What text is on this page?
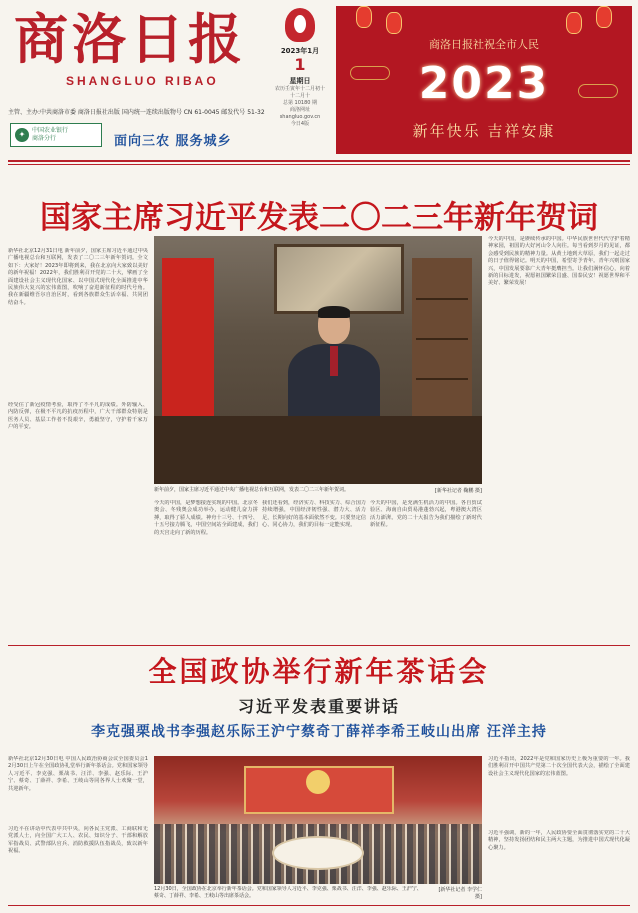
商洛日报
SHANGLUO RIBAO
主管、主办:中共商洛市委 商洛日报社出版 国内统一连续出版物号 CN 61-0045 邮发代号 51-32
✦	中国农业银行
商洛分行	面向三农 服务城乡
2023年1月
1
星期日
农历壬寅年十二月初十
十二月十
总第 10180 期
商洛网址 shangluo.gov.cn
今日4版
商洛日报社祝全市人民
2023
新年快乐 吉祥安康
国家主席习近平发表二〇二三年新年贺词
新华社北京12月31日电 新年前夕，国家主席习近平通过中央广播电视总台和互联网，发表了二〇二三年新年贺词。全文如下：大家好！2023年即将到来，我在北京向大家致以美好的新年祝福！2022年，我们胜利召开党的二十大，擘画了全面建设社会主义现代化国家、以中国式现代化全面推进中华民族伟大复兴的宏伟蓝图，吹响了奋进新征程的时代号角。我在新疆维吾尔自治区时，看到各族群众生活幸福、共同团结奋斗。
经受住了新冠疫情考验，取得了不平凡的成绩。外防输入、内防反弹，在极不平凡的抗疫历程中，广大干部群众特别是医务人员、基层工作者不畏艰辛，勇毅坚守，守护着千家万户的平安。
新年前夕，国家主席习近平通过中央广播电视总台和互联网，发表二〇二三年新年贺词。	[新华社记者 鞠鹏 摄]
今天的中国，是梦想接连实现的中国。北京冬奥会、冬残奥会成功举办，运动健儿奋力拼搏，取得了骄人成绩。神舟十三号、十四号、十五号接力腾飞，中国空间站全面建成，我们的天宫走向了新的历程。
我们还看到，经济实力、科技实力、综合国力持续增强，中国经济韧性强、潜力大、活力足，长期向好的基本面依然不变。只要坚定信心、同心协力，我们的目标一定能实现。
今天的中国，是充满生机活力的中国。各自贸试验区、海南自由贸易港蓬勃兴起，粤港澳大湾区活力澎湃。党的二十大报告为我们描绘了新时代新征程。
今天的中国，是赓续传承的中国。中华民族世世代代守护着精神家园，祖国的大好河山令人向往。每当看到岁月的见证，都会感受到民族的精神力量。从黄土地到大草原，我们一起走过的日子值得铭记。明天的中国，希望寄予青年。青年兴则国家兴，中国发展要靠广大青年挺膺担当。让我们满怀信心，向着新的目标进发，祝愿祖国繁荣昌盛、国泰民安！祝愿世界和平美好、繁荣发展！
全国政协举行新年茶话会
习近平发表重要讲话
李克强栗战书李强赵乐际王沪宁蔡奇丁薛祥李希王岐山出席 汪洋主持
新华社北京12月30日电 中国人民政治协商会议全国委员会12月30日上午在全国政协礼堂举行新年茶话会。党和国家领导人习近平、李克强、栗战书、汪洋、李强、赵乐际、王沪宁、蔡奇、丁薛祥、李希、王岐山等同各界人士欢聚一堂，共迎新年。
习近平在讲话中代表中共中央，向各民主党派、工商联和无党派人士，向全国广大工人、农民、知识分子、干部和解放军指战员、武警部队官兵、消防救援队伍指战员，致以新年祝福。
12月30日，全国政协在北京举行新年茶话会。党和国家领导人习近平、李克强、栗战书、汪洋、李强、赵乐际、王沪宁、蔡奇、丁薛祥、李希、王岐山等出席茶话会。
[新华社记者 李学仁 摄]
习近平指出，2022年是党和国家历史上极为重要的一年。我们胜利召开中国共产党第二十次全国代表大会，描绘了全面建设社会主义现代化国家的宏伟蓝图。
习近平强调，新的一年，人民政协要全面贯彻落实党的二十大精神，坚持发扬团结和民主两大主题，为推进中国式现代化凝心聚力。
